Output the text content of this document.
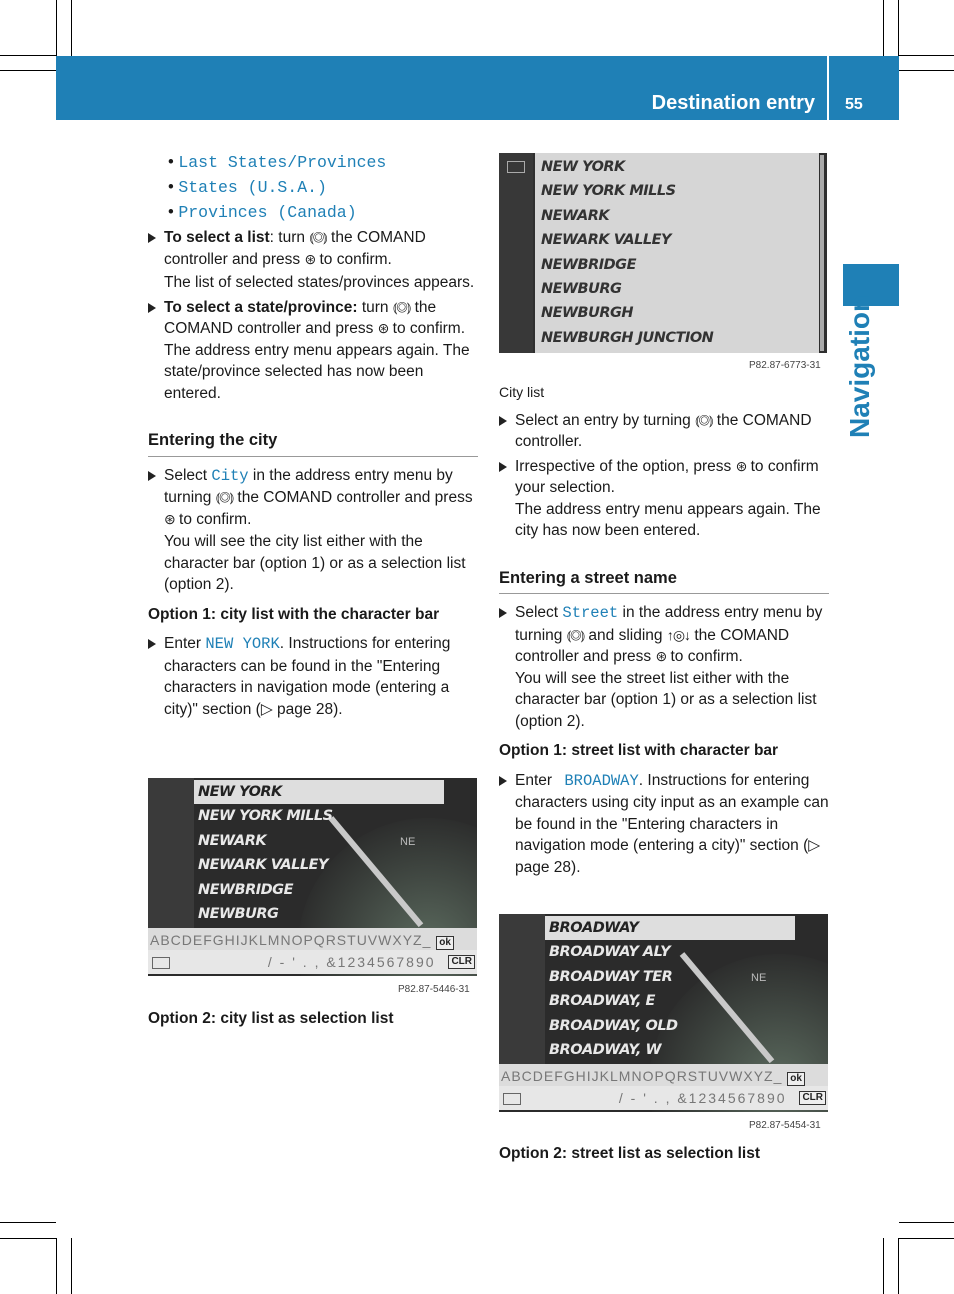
Destination entry 55
Navigation
• Last States/Provinces
• States (U.S.A.)
• Provinces (Canada)
To select a list: turn ⦅◎⦆ the COMAND controller and press ⊛ to confirm.
The list of selected states/provinces appears.
To select a state/province: turn ⦅◎⦆ the COMAND controller and press ⊛ to confirm.
The address entry menu appears again. The state/province selected has now been entered.
Entering the city
Select City in the address entry menu by turning ⦅◎⦆ the COMAND controller and press ⊛ to confirm.
You will see the city list either with the character bar (option 1) or as a selection list (option 2).
Option 1: city list with the character bar
Enter NEW YORK. Instructions for entering characters can be found in the "Entering characters in navigation mode (entering a city)" section (▷ page 28).
NE
NEW YORK
NEW YORK MILLS
NEWARK
NEWARK VALLEY
NEWBRIDGE
NEWBURG
ABCDEFGHIJKLMNOPQRSTUVWXYZ_ ok
/ - ' . , &1234567890	CLR
P82.87-5446-31
Option 2: city list as selection list
NEW YORK
NEW YORK MILLS
NEWARK
NEWARK VALLEY
NEWBRIDGE
NEWBURG
NEWBURGH
NEWBURGH JUNCTION
P82.87-6773-31
City list
Select an entry by turning ⦅◎⦆ the COMAND controller.
Irrespective of the option, press ⊛ to confirm your selection.
The address entry menu appears again. The city has now been entered.
Entering a street name
Select Street in the address entry menu by turning ⦅◎⦆ and sliding ↑◎↓ the COMAND controller and press ⊛ to confirm.
You will see the street list either with the character bar (option 1) or as a selection list (option 2).
Option 1: street list with character bar
Enter BROADWAY. Instructions for entering characters using city input as an example can be found in the "Entering characters in navigation mode (entering a city)" section (▷ page 28).
NE
BROADWAY
BROADWAY ALY
BROADWAY TER
BROADWAY, E
BROADWAY, OLD
BROADWAY, W
ABCDEFGHIJKLMNOPQRSTUVWXYZ_ ok
/ - ' . , &1234567890	CLR
P82.87-5454-31
Option 2: street list as selection list
